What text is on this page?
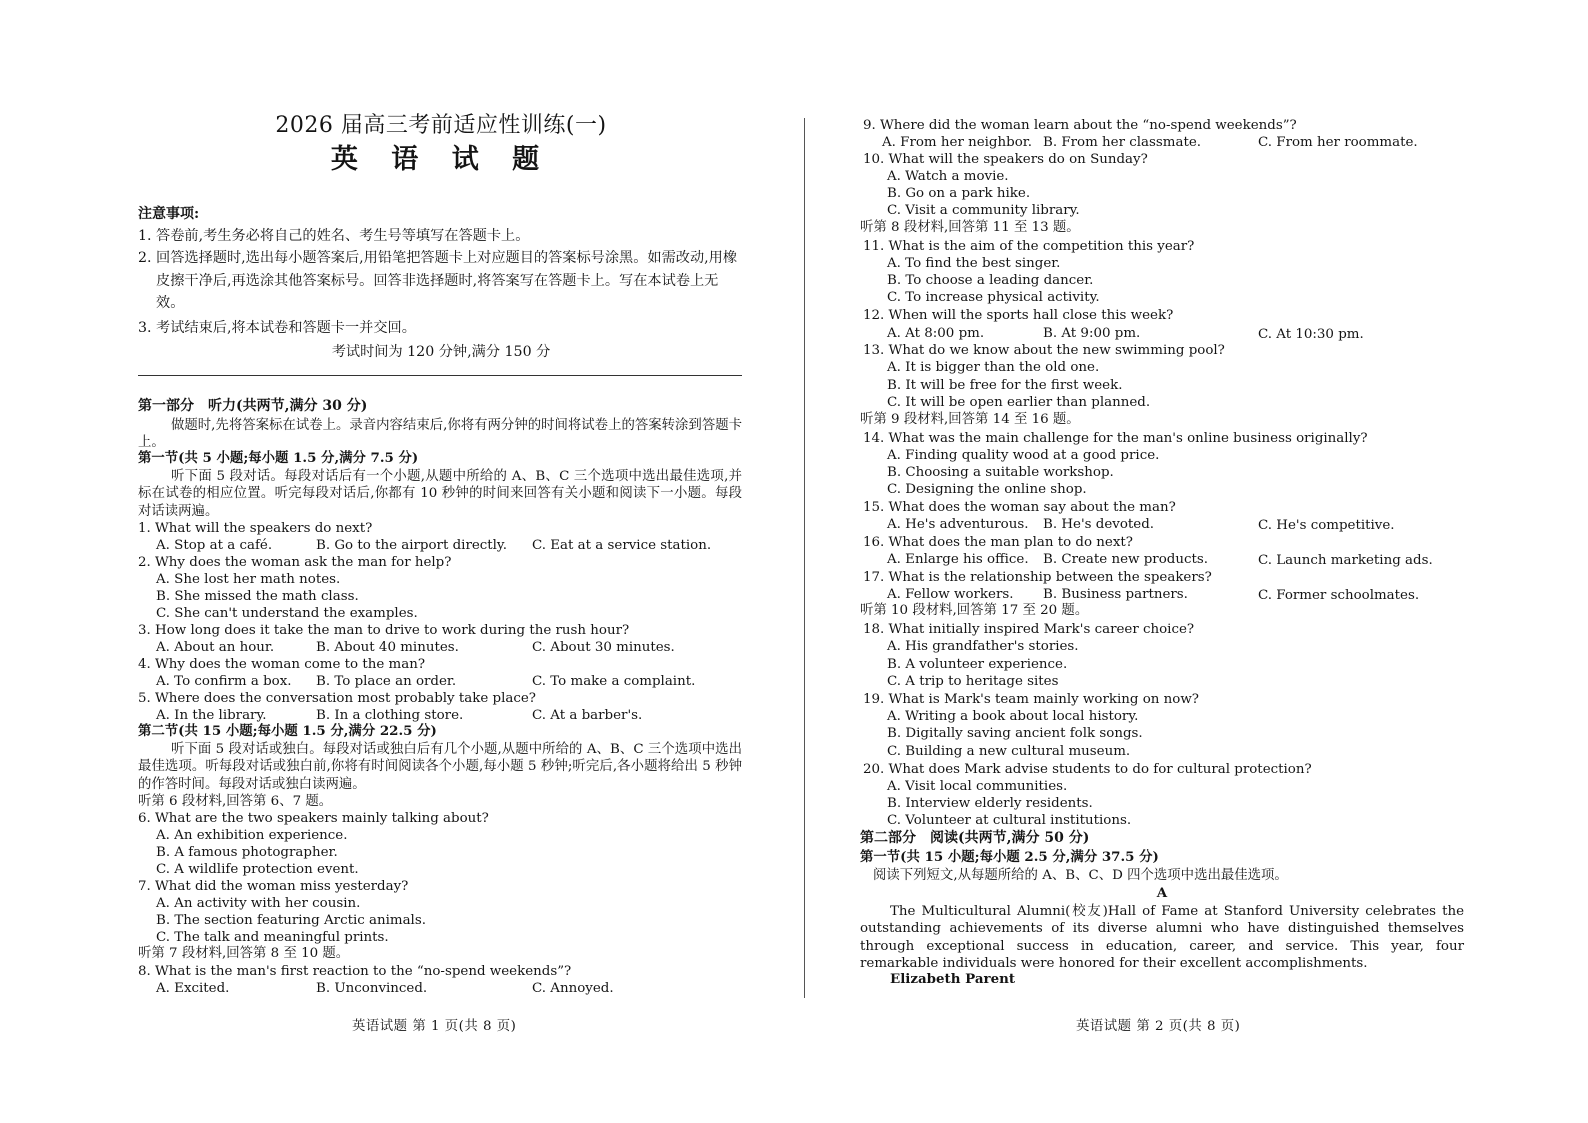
2026 届高三考前适应性训练(一)
英 语 试 题
注意事项:
1. 答卷前,考生务必将自己的姓名、考生号等填写在答题卡上。
2. 回答选择题时,选出每小题答案后,用铅笔把答题卡上对应题目的答案标号涂黑。如需改动,用橡皮擦干净后,再选涂其他答案标号。回答非选择题时,将答案写在答题卡上。写在本试卷上无效。
3. 考试结束后,将本试卷和答题卡一并交回。
考试时间为 120 分钟,满分 150 分
第一部分　听力(共两节,满分 30 分)
做题时,先将答案标在试卷上。录音内容结束后,你将有两分钟的时间将试卷上的答案转涂到答题卡上。
第一节(共 5 小题;每小题 1.5 分,满分 7.5 分)
听下面 5 段对话。每段对话后有一个小题,从题中所给的 A、B、C 三个选项中选出最佳选项,并标在试卷的相应位置。听完每段对话后,你都有 10 秒钟的时间来回答有关小题和阅读下一小题。每段对话读两遍。
1. What will the speakers do next?
A. Stop at a café.	B. Go to the airport directly. C. Eat at a service station.
2. Why does the woman ask the man for help?
A. She lost her math notes.
B. She missed the math class.
C. She can't understand the examples.
3. How long does it take the man to drive to work during the rush hour?
A. About an hour.	B. About 40 minutes.	C. About 30 minutes.
4. Why does the woman come to the man?
A. To confirm a box. B. To place an order.	C. To make a complaint.
5. Where does the conversation most probably take place?
A. In the library.	B. In a clothing store.	C. At a barber's.
第二节(共 15 小题;每小题 1.5 分,满分 22.5 分)
听下面 5 段对话或独白。每段对话或独白后有几个小题,从题中所给的 A、B、C 三个选项中选出最佳选项。听每段对话或独白前,你将有时间阅读各个小题,每小题 5 秒钟;听完后,各小题将给出 5 秒钟的作答时间。每段对话或独白读两遍。
听第 6 段材料,回答第 6、7 题。
6. What are the two speakers mainly talking about?
A. An exhibition experience.
B. A famous photographer.
C. A wildlife protection event.
7. What did the woman miss yesterday?
A. An activity with her cousin.
B. The section featuring Arctic animals.
C. The talk and meaningful prints.
听第 7 段材料,回答第 8 至 10 题。
8. What is the man's first reaction to the “no-spend weekends”?
A. Excited.	B. Unconvinced.	C. Annoyed.
英语试题 第 1 页(共 8 页)
9. Where did the woman learn about the “no-spend weekends”?
A. From her neighbor. B. From her classmate.	C. From her roommate.
10. What will the speakers do on Sunday?
A. Watch a movie.
B. Go on a park hike.
C. Visit a community library.
听第 8 段材料,回答第 11 至 13 题。
11. What is the aim of the competition this year?
A. To find the best singer.
B. To choose a leading dancer.
C. To increase physical activity.
12. When will the sports hall close this week?
A. At 8:00 pm.	B. At 9:00 pm.	C. At 10:30 pm.
13. What do we know about the new swimming pool?
A. It is bigger than the old one.
B. It will be free for the first week.
C. It will be open earlier than planned.
听第 9 段材料,回答第 14 至 16 题。
14. What was the main challenge for the man's online business originally?
A. Finding quality wood at a good price.
B. Choosing a suitable workshop.
C. Designing the online shop.
15. What does the woman say about the man?
A. He's adventurous. B. He's devoted.	C. He's competitive.
16. What does the man plan to do next?
A. Enlarge his office. B. Create new products.	C. Launch marketing ads.
17. What is the relationship between the speakers?
A. Fellow workers. B. Business partners.	C. Former schoolmates.
听第 10 段材料,回答第 17 至 20 题。
18. What initially inspired Mark's career choice?
A. His grandfather's stories.
B. A volunteer experience.
C. A trip to heritage sites
19. What is Mark's team mainly working on now?
A. Writing a book about local history.
B. Digitally saving ancient folk songs.
C. Building a new cultural museum.
20. What does Mark advise students to do for cultural protection?
A. Visit local communities.
B. Interview elderly residents.
C. Volunteer at cultural institutions.
第二部分　阅读(共两节,满分 50 分)
第一节(共 15 小题;每小题 2.5 分,满分 37.5 分)
阅读下列短文,从每题所给的 A、B、C、D 四个选项中选出最佳选项。
A
The Multicultural Alumni(校友)Hall of Fame at Stanford University celebrates the outstanding achievements of its diverse alumni who have distinguished themselves through exceptional success in education, career, and service. This year, four remarkable individuals were honored for their excellent accomplishments.
Elizabeth Parent
英语试题 第 2 页(共 8 页)
